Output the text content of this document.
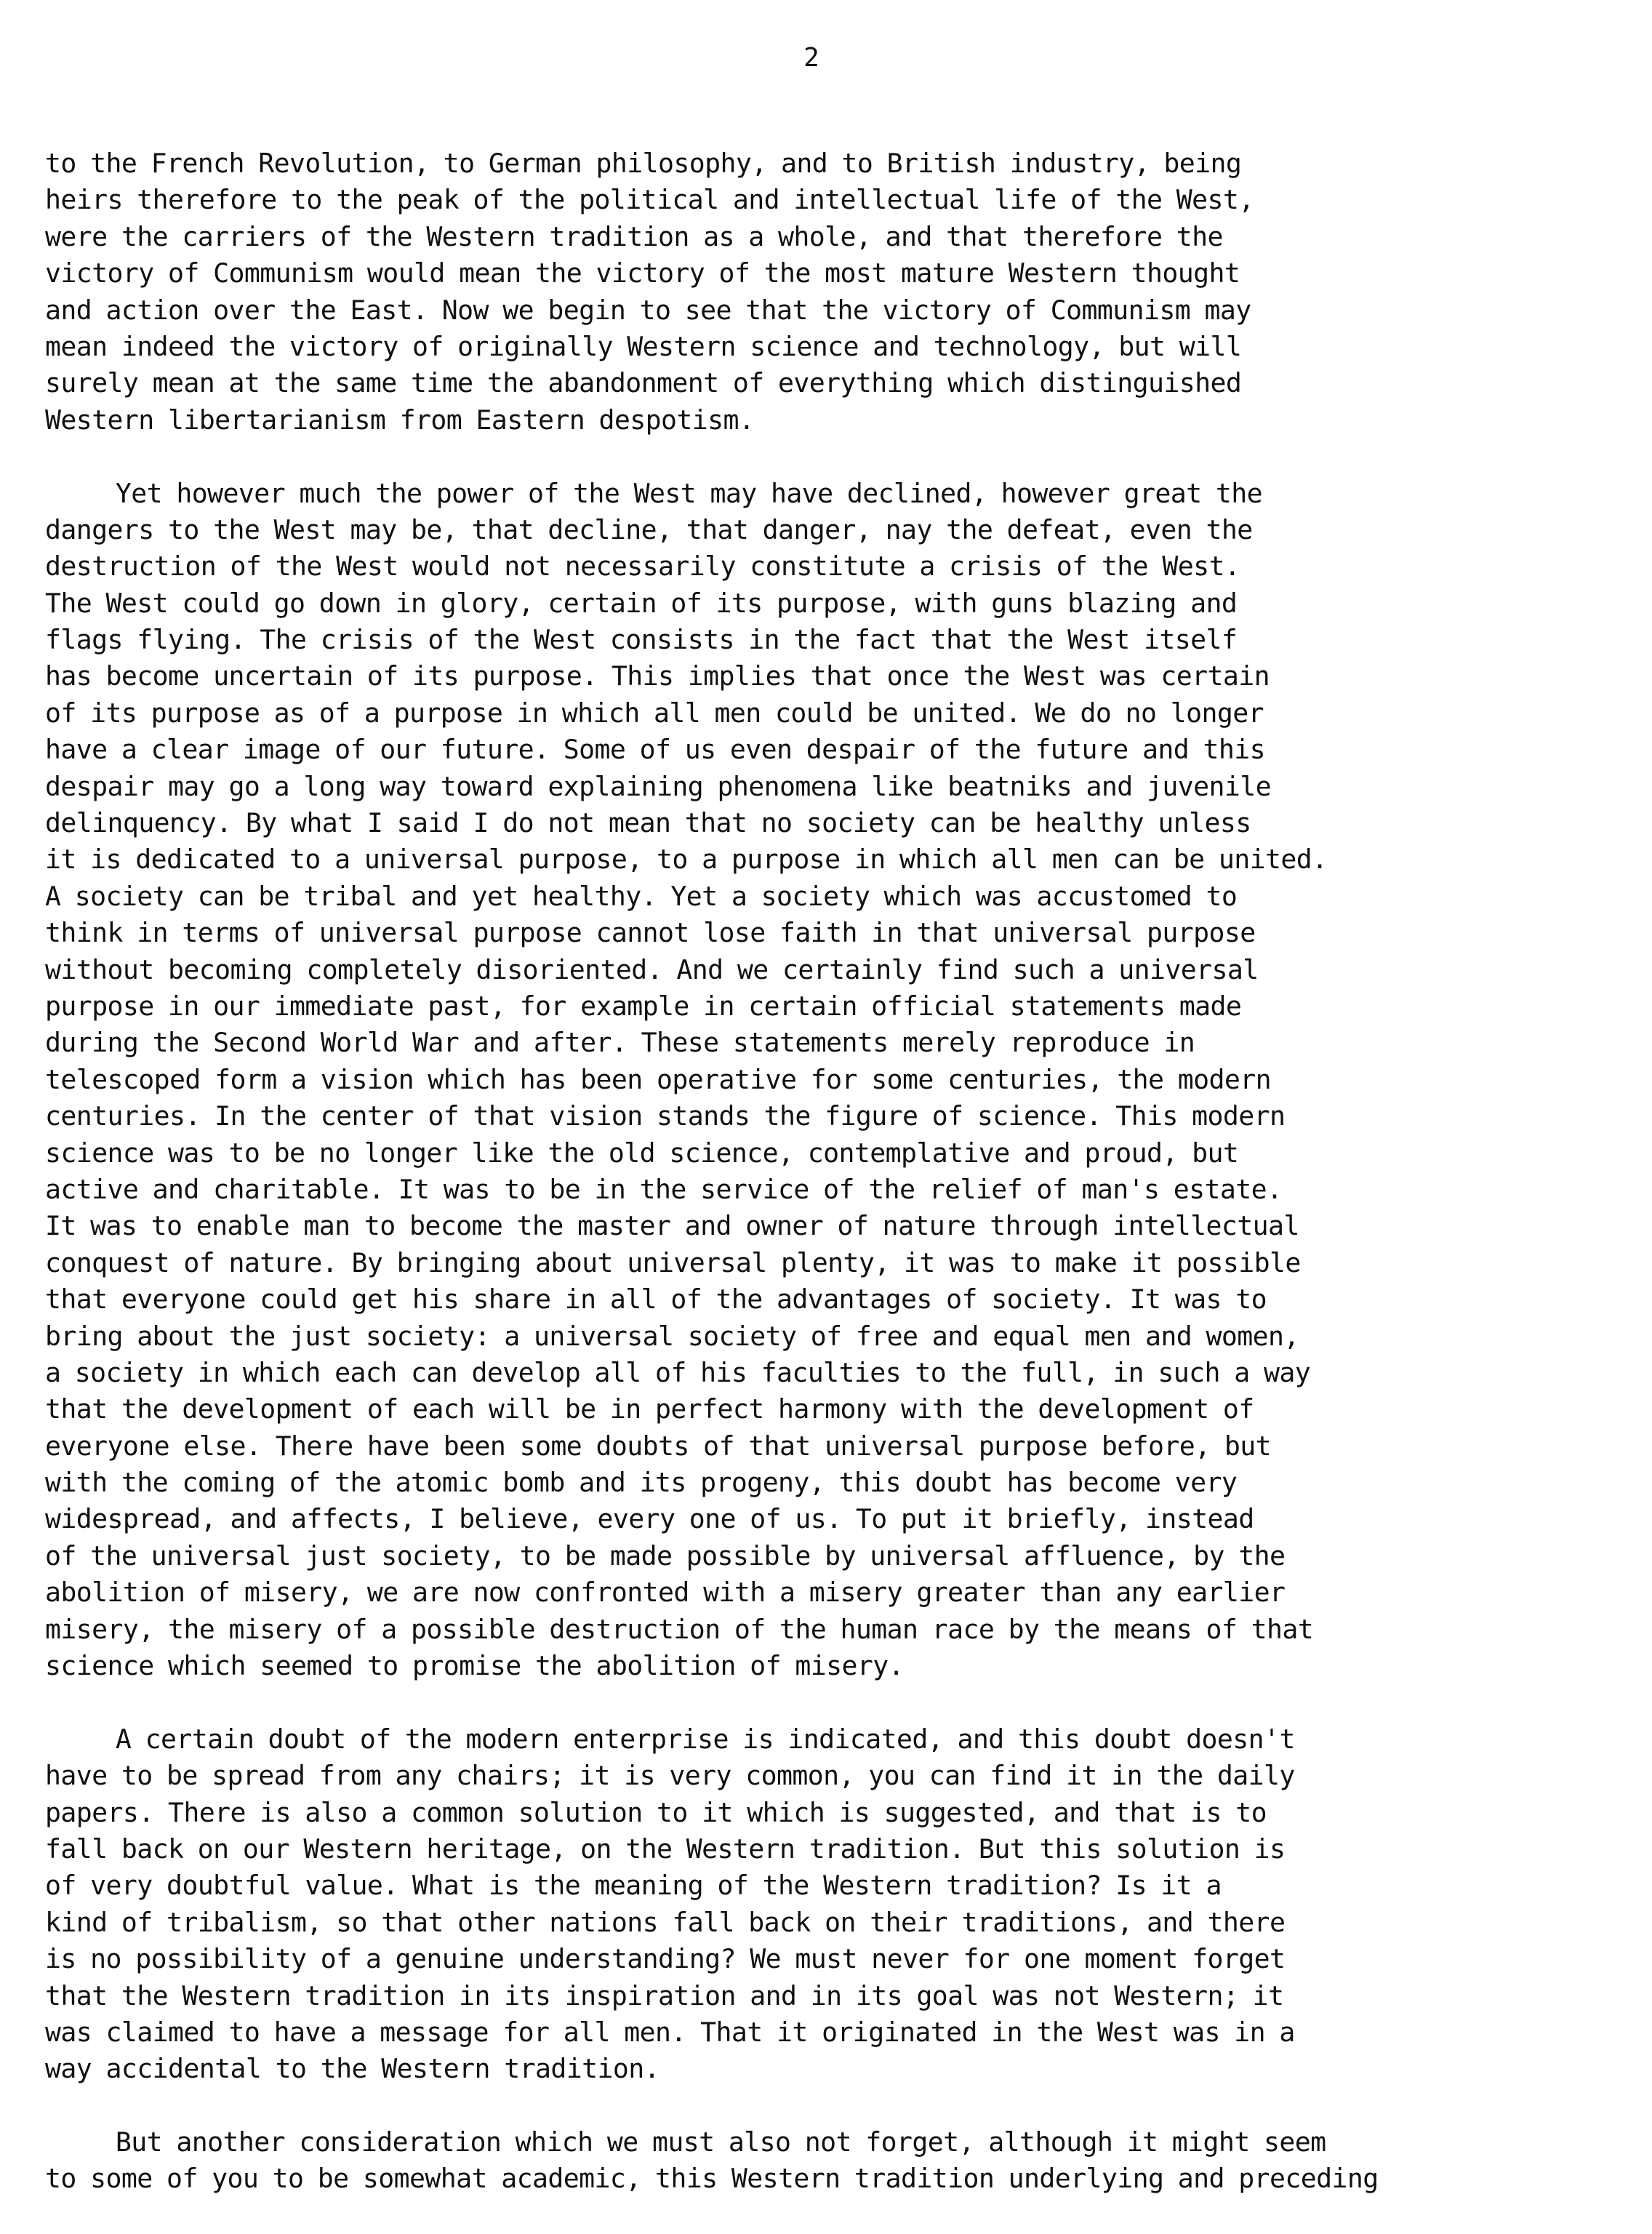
2
to the French Revolution, to German philosophy, and to British industry, being
heirs therefore to the peak of the political and intellectual life of the West,
were the carriers of the Western tradition as a whole, and that therefore the
victory of Communism would mean the victory of the most mature Western thought
and action over the East. Now we begin to see that the victory of Communism may
mean indeed the victory of originally Western science and technology, but will
surely mean at the same time the abandonment of everything which distinguished
Western libertarianism from Eastern despotism.
Yet however much the power of the West may have declined, however great the
dangers to the West may be, that decline, that danger, nay the defeat, even the
destruction of the West would not necessarily constitute a crisis of the West.
The West could go down in glory, certain of its purpose, with guns blazing and
flags flying. The crisis of the West consists in the fact that the West itself
has become uncertain of its purpose. This implies that once the West was certain
of its purpose as of a purpose in which all men could be united. We do no longer
have a clear image of our future. Some of us even despair of the future and this
despair may go a long way toward explaining phenomena like beatniks and juvenile
delinquency. By what I said I do not mean that no society can be healthy unless
it is dedicated to a universal purpose, to a purpose in which all men can be united.
A society can be tribal and yet healthy. Yet a society which was accustomed to
think in terms of universal purpose cannot lose faith in that universal purpose
without becoming completely disoriented. And we certainly find such a universal
purpose in our immediate past, for example in certain official statements made
during the Second World War and after. These statements merely reproduce in
telescoped form a vision which has been operative for some centuries, the modern
centuries. In the center of that vision stands the figure of science. This modern
science was to be no longer like the old science, contemplative and proud, but
active and charitable. It was to be in the service of the relief of man's estate.
It was to enable man to become the master and owner of nature through intellectual
conquest of nature. By bringing about universal plenty, it was to make it possible
that everyone could get his share in all of the advantages of society. It was to
bring about the just society: a universal society of free and equal men and women,
a society in which each can develop all of his faculties to the full, in such a way
that the development of each will be in perfect harmony with the development of
everyone else. There have been some doubts of that universal purpose before, but
with the coming of the atomic bomb and its progeny, this doubt has become very
widespread, and affects, I believe, every one of us. To put it briefly, instead
of the universal just society, to be made possible by universal affluence, by the
abolition of misery, we are now confronted with a misery greater than any earlier
misery, the misery of a possible destruction of the human race by the means of that
science which seemed to promise the abolition of misery.
A certain doubt of the modern enterprise is indicated, and this doubt doesn't
have to be spread from any chairs; it is very common, you can find it in the daily
papers. There is also a common solution to it which is suggested, and that is to
fall back on our Western heritage, on the Western tradition. But this solution is
of very doubtful value. What is the meaning of the Western tradition? Is it a
kind of tribalism, so that other nations fall back on their traditions, and there
is no possibility of a genuine understanding? We must never for one moment forget
that the Western tradition in its inspiration and in its goal was not Western; it
was claimed to have a message for all men. That it originated in the West was in a
way accidental to the Western tradition.
But another consideration which we must also not forget, although it might seem
to some of you to be somewhat academic, this Western tradition underlying and preceding
